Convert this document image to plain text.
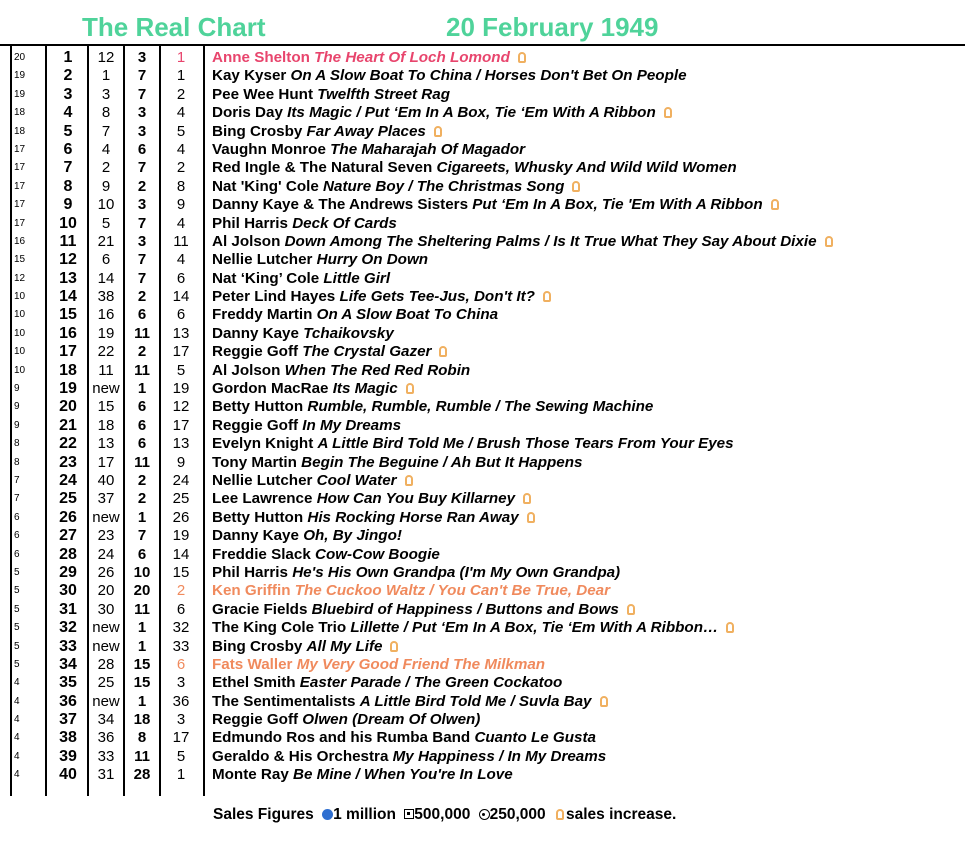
The Real Chart	20 February 1949
20	1	12	3	1	Anne Shelton The Heart Of Loch Lomond
19	2	1	7	1	Kay Kyser On A Slow Boat To China / Horses Don't Bet On People
19	3	3	7	2	Pee Wee Hunt Twelfth Street Rag
18	4	8	3	4	Doris Day Its Magic / Put ‘Em In A Box, Tie ‘Em With A Ribbon
18	5	7	3	5	Bing Crosby Far Away Places
17	6	4	6	4	Vaughn Monroe The Maharajah Of Magador
17	7	2	7	2	Red Ingle & The Natural Seven Cigareets, Whusky And Wild Wild Women
17	8	9	2	8	Nat 'King' Cole Nature Boy / The Christmas Song
17	9	10	3	9	Danny Kaye & The Andrews Sisters Put ‘Em In A Box, Tie 'Em With A Ribbon
17	10	5	7	4	Phil Harris Deck Of Cards
16	11	21	3	11	Al Jolson Down Among The Sheltering Palms / Is It True What They Say About Dixie
15	12	6	7	4	Nellie Lutcher Hurry On Down
12	13	14	7	6	Nat ‘King’ Cole Little Girl
10	14	38	2	14	Peter Lind Hayes Life Gets Tee-Jus, Don't It?
10	15	16	6	6	Freddy Martin On A Slow Boat To China
10	16	19	11	13	Danny Kaye Tchaikovsky
10	17	22	2	17	Reggie Goff The Crystal Gazer
10	18	11	11	5	Al Jolson When The Red Red Robin
9	19	new	1	19	Gordon MacRae Its Magic
9	20	15	6	12	Betty Hutton Rumble, Rumble, Rumble / The Sewing Machine
9	21	18	6	17	Reggie Goff In My Dreams
8	22	13	6	13	Evelyn Knight A Little Bird Told Me / Brush Those Tears From Your Eyes
8	23	17	11	9	Tony Martin Begin The Beguine / Ah But It Happens
7	24	40	2	24	Nellie Lutcher Cool Water
7	25	37	2	25	Lee Lawrence How Can You Buy Killarney
6	26	new	1	26	Betty Hutton His Rocking Horse Ran Away
6	27	23	7	19	Danny Kaye Oh, By Jingo!
6	28	24	6	14	Freddie Slack Cow-Cow Boogie
5	29	26	10	15	Phil Harris He's His Own Grandpa (I'm My Own Grandpa)
5	30	20	20	2	Ken Griffin The Cuckoo Waltz / You Can't Be True, Dear
5	31	30	11	6	Gracie Fields Bluebird of Happiness / Buttons and Bows
5	32	new	1	32	The King Cole Trio Lillette / Put ‘Em In A Box, Tie ‘Em With A Ribbon…
5	33	new	1	33	Bing Crosby All My Life
5	34	28	15	6	Fats Waller My Very Good Friend The Milkman
4	35	25	15	3	Ethel Smith Easter Parade / The Green Cockatoo
4	36	new	1	36	The Sentimentalists A Little Bird Told Me / Suvla Bay
4	37	34	18	3	Reggie Goff Olwen (Dream Of Olwen)
4	38	36	8	17	Edmundo Ros and his Rumba Band Cuanto Le Gusta
4	39	33	11	5	Geraldo & His Orchestra My Happiness / In My Dreams
4	40	31	28	1	Monte Ray Be Mine / When You're In Love
Sales Figures 1 million 500,000 250,000 sales increase.
